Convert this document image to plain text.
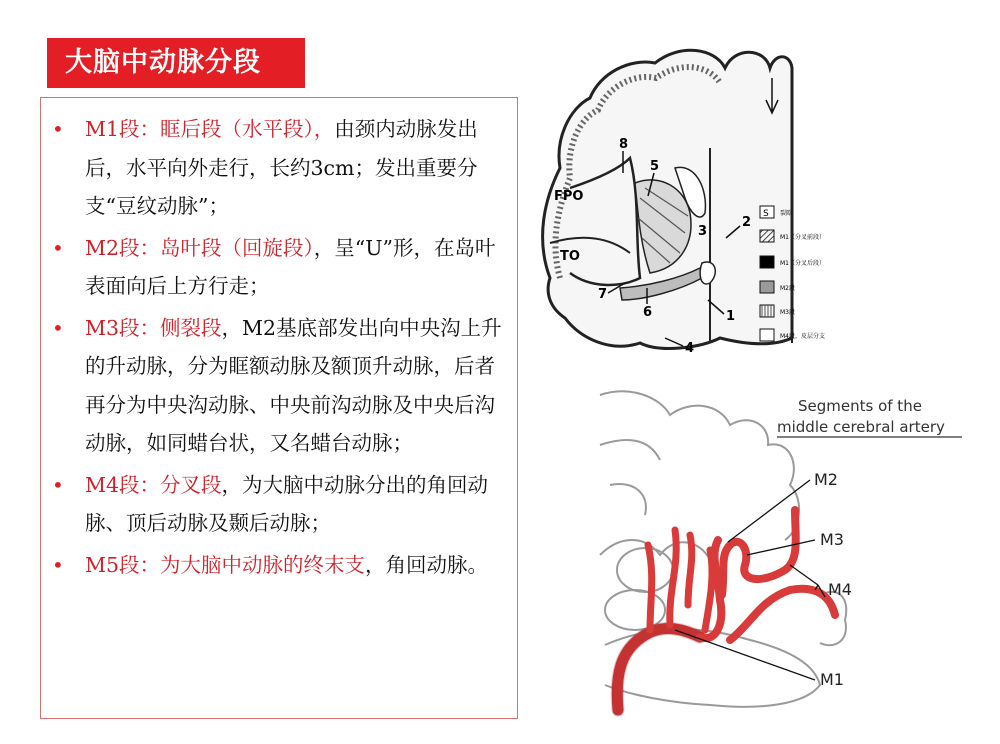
大脑中动脉分段
• M1段：眶后段（水平段），由颈内动脉发出后，水平向外走行，长约3cm；发出重要分支“豆纹动脉”；
• M2段：岛叶段（回旋段），呈“U”形，在岛叶表面向后上方行走；
• M3段：侧裂段，M2基底部发出向中央沟上升的升动脉，分为眶额动脉及额顶升动脉，后者再分为中央沟动脉、中央前沟动脉及中央后沟动脉，如同蜡台状，又名蜡台动脉；
• M4段：分叉段，为大脑中动脉分出的角回动脉、顶后动脉及颞后动脉；
• M5段：为大脑中动脉的终末支，角回动脉。
FPO
TO
8
5
2
3
7
6	1
4
S 裂隙
M1（分叉前段）
M1（分叉后段）
M2段
M3段
M4段，皮层分支
Segments of the
middle cerebral artery
M2
M3
M4
M1
